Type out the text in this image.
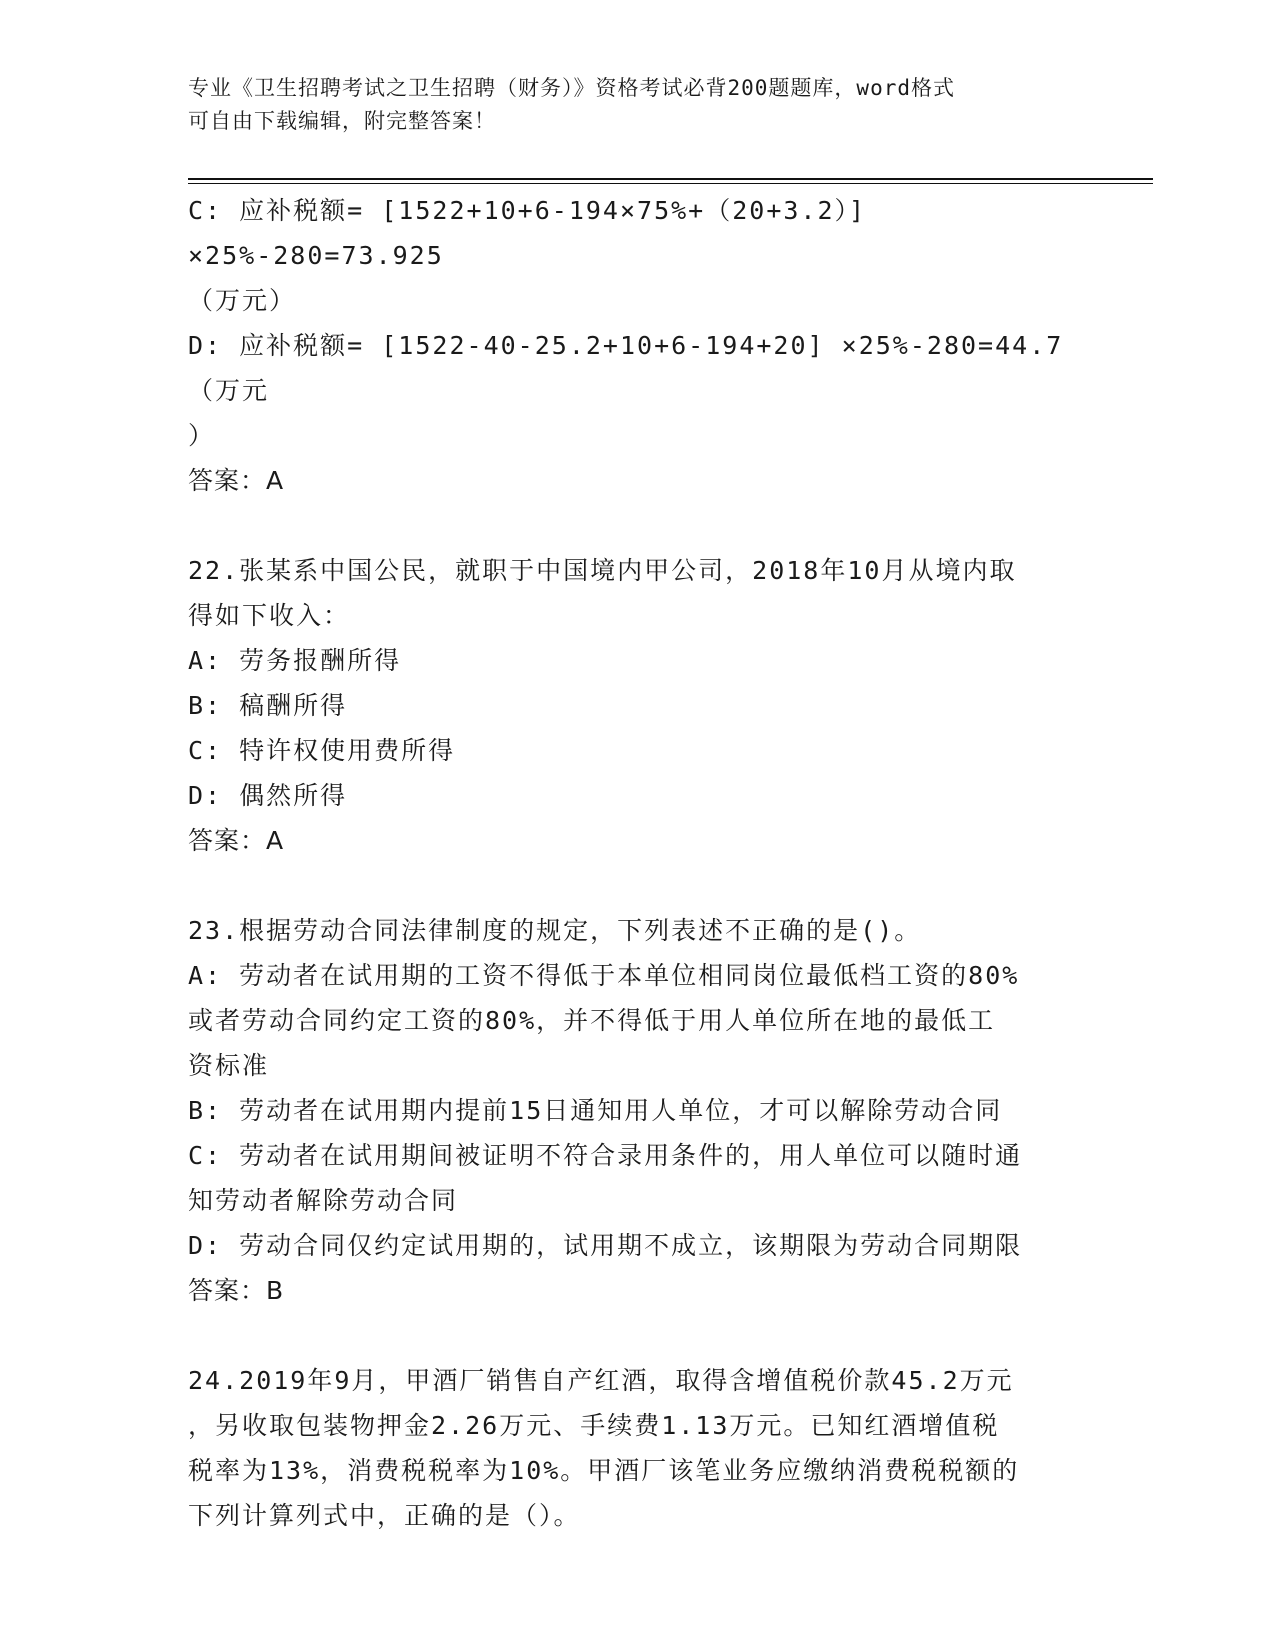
专业《卫生招聘考试之卫生招聘（财务）》资格考试必背200题题库，word格式
可自由下载编辑，附完整答案！
C: 应补税额= [1522+10+6-194×75%+（20+3.2）] ×25%-280=73.925
（万元）
D: 应补税额= [1522-40-25.2+10+6-194+20] ×25%-280=44.7（万元
）
答案：A
22.张某系中国公民，就职于中国境内甲公司，2018年10月从境内取
得如下收入：
A: 劳务报酬所得
B: 稿酬所得
C: 特许权使用费所得
D: 偶然所得
答案：A
23.根据劳动合同法律制度的规定，下列表述不正确的是()。
A: 劳动者在试用期的工资不得低于本单位相同岗位最低档工资的80%
或者劳动合同约定工资的80%，并不得低于用人单位所在地的最低工
资标准
B: 劳动者在试用期内提前15日通知用人单位，才可以解除劳动合同
C: 劳动者在试用期间被证明不符合录用条件的，用人单位可以随时通
知劳动者解除劳动合同
D: 劳动合同仅约定试用期的，试用期不成立，该期限为劳动合同期限
答案：B
24.2019年9月，甲酒厂销售自产红酒，取得含增值税价款45.2万元
，另收取包装物押金2.26万元、手续费1.13万元。已知红酒增值税
税率为13%，消费税税率为10%。甲酒厂该笔业务应缴纳消费税税额的
下列计算列式中，正确的是（）。
